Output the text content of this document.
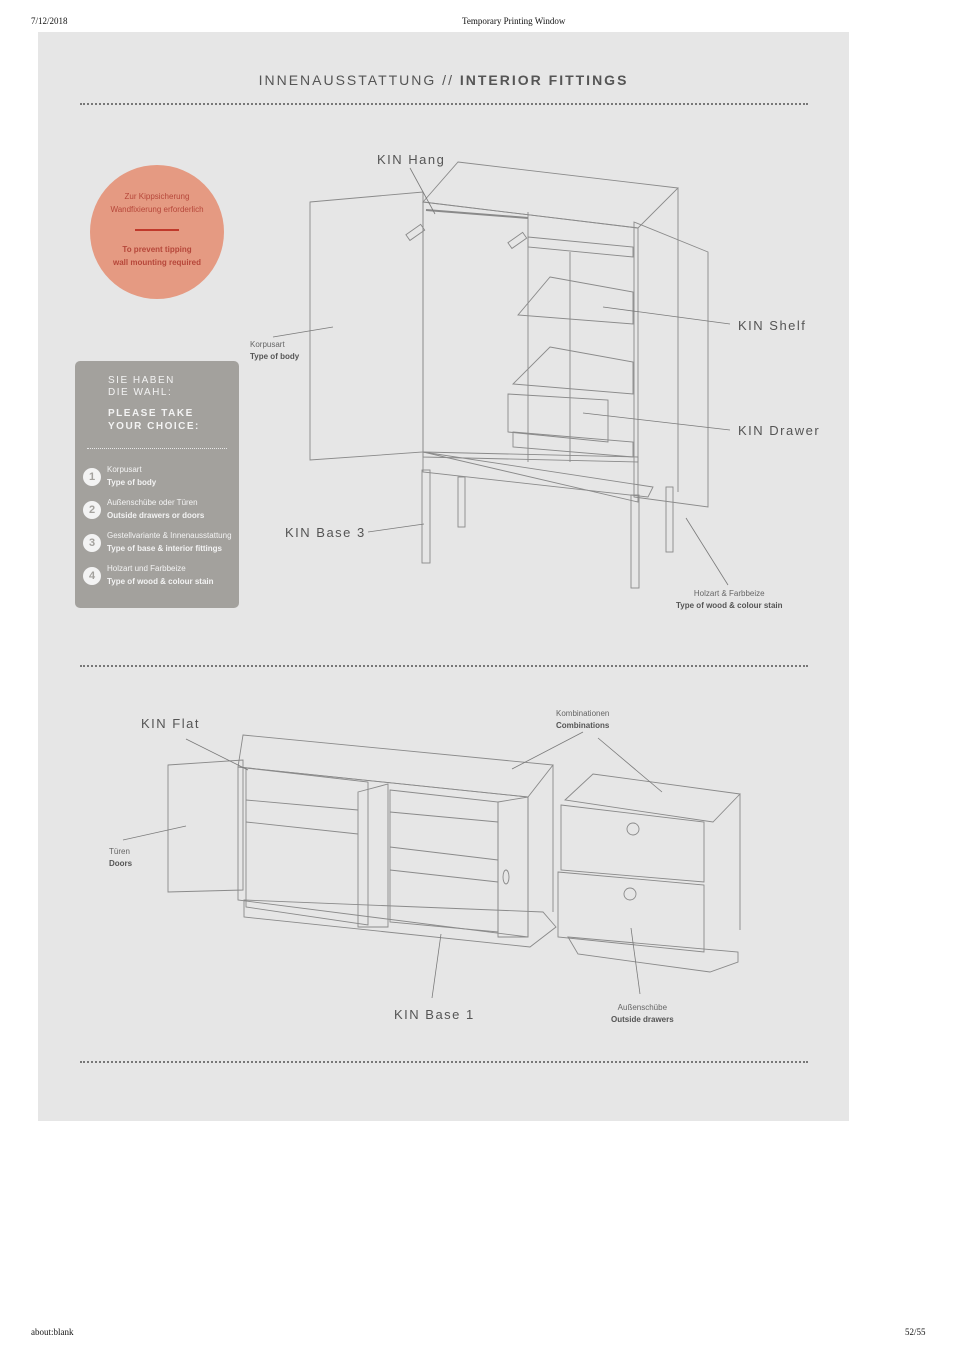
7/12/2018	Temporary Printing Window
INNENAUSSTATTUNG // INTERIOR FITTINGS
Zur Kippsicherung
Wandfixierung erforderlich
To prevent tipping
wall mounting required
SIE HABEN
DIE WAHL:
PLEASE TAKE
YOUR CHOICE:
1
Korpusart
Type of body
2
Außenschübe oder Türen
Outside drawers or doors
3
Gestellvariante & Innenausstattung
Type of base & interior fittings
4
Holzart und Farbbeize
Type of wood & colour stain
KIN Hang
KIN Shelf
KIN Drawer
KIN Base 3
KIN Flat
KIN Base 1
Korpusart
Type of body
Holzart & Farbbeize
Type of wood & colour stain
Kombinationen
Combinations
Türen
Doors
Außenschübe
Outside drawers
about:blank	52/55
